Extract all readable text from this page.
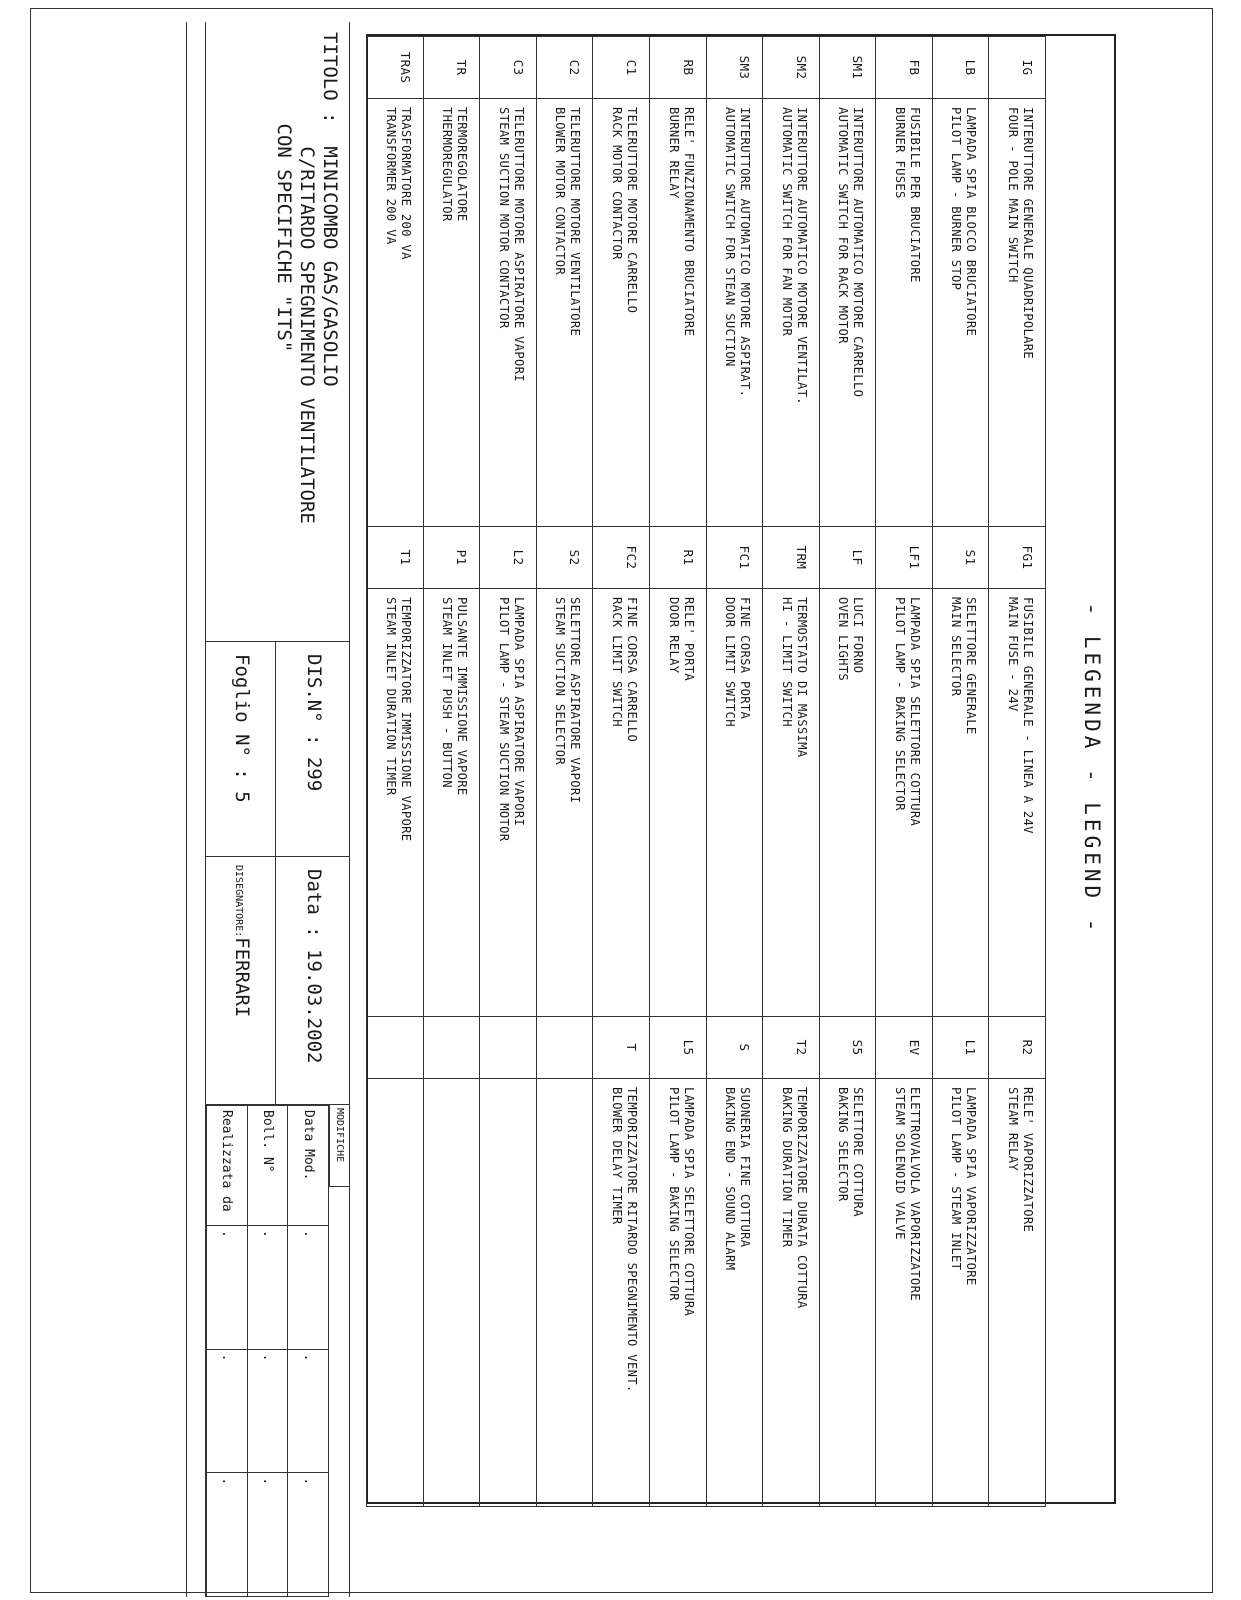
- LEGENDA - LEGEND -
IG	INTERUTTORE GENERALE QUADRIPOLARE
FOUR - POLE MAIN SWITCH	FG1	FUSIBILE GENERALE - LINEA A 24V
MAIN FUSE - 24V	R2	RELE' VAPORIZZATORE
STEAM RELAY

LB	LAMPADA SPIA BLOCCO BRUCIATORE
PILOT LAMP - BURNER STOP	S1	SELETTORE GENERALE
MAIN SELECTOR	L1	LAMPADA SPIA VAPORIZZATORE
PILOT LAMP - STEAM INLET

FB	FUSIBILE PER BRUCIATORE
BURNER FUSES	LF1	LAMPADA SPIA SELETTORE COTTURA
PILOT LAMP - BAKING SELECTOR	EV	ELETTROVALVOLA VAPORIZZATORE
STEAM SOLENOID VALVE

SM1	INTERUTTORE AUTOMATICO MOTORE CARRELLO
AUTOMATIC SWITCH FOR RACK MOTOR	LF	LUCI FORNO
OVEN LIGHTS	S5	SELETTORE COTTURA
BAKING SELECTOR

SM2	INTERUTTORE AUTOMATICO MOTORE VENTILAT.
AUTOMATIC SWITCH FOR FAN MOTOR	TRM	TERMOSTATO DI MASSIMA
HI - LIMIT SWITCH	T2	TEMPORIZZATORE DURATA COTTURA
BAKING DURATION TIMER

SM3	INTERUTTORE AUTOMATICO MOTORE ASPIRAT.
AUTOMATIC SWITCH FOR STEAN SUCTION	FC1	FINE CORSA PORTA
DOOR LIMIT SWITCH	S	SUONERIA FINE COTTURA
BAKING END - SOUND ALARM

RB	RELE' FUNZIONAMENTO BRUCIATORE
BURNER RELAY	R1	RELE' PORTA
DOOR RELAY	L5	LAMPADA SPIA SELETTORE COTTURA
PILOT LAMP - BAKING SELECTOR

C1	TELERUTTORE MOTORE CARRELLO
RACK MOTOR CONTACTOR	FC2	FINE CORSA CARRELLO
RACK LIMIT SWITCH	T	TEMPORIZZATORE RITARDO SPEGNIMENTO VENT.
BLOWER DELAY TIMER

C2	TELERUTTORE MOTORE VENTILATORE
BLOWER MOTOR CONTACTOR	S2	SELETTORE ASPIRATORE VAPORI
STEAM SUCTION SELECTOR		

C3	TELERUTTORE MOTORE ASPIRATORE VAPORI
STEAM SUCTION MOTOR CONTACTOR	L2	LAMPADA SPIA ASPIRATORE VAPORI
PILOT LAMP - STEAM SUCTION MOTOR		

TR	TERMOREGOLATORE
THERMOREGULATOR	P1	PULSANTE IMMISSIONE VAPORE
STEAM INLET PUSH - BUTTON		

TRAS	TRASFORMATORE 200 VA
TRANSFORMER 200 VA	T1	TEMPORIZZATORE IMMISSIONE VAPORE
STEAM INLET DURATION TIMER		

TITOLO :  MINICOMBO GAS/GASOLIO
C/RITARDO SPEGNIMENTO VENTILATORE
CON SPECIFICHE "ITS"
DIS.N° : 299
Foglio N° : 5
Data : 19.03.2002
DISEGNATORE:FERRARI
MODIFICHE
Data Mod.	.	.	.
Boll. N°	.	.	.
Realizzata da	.	.	.
